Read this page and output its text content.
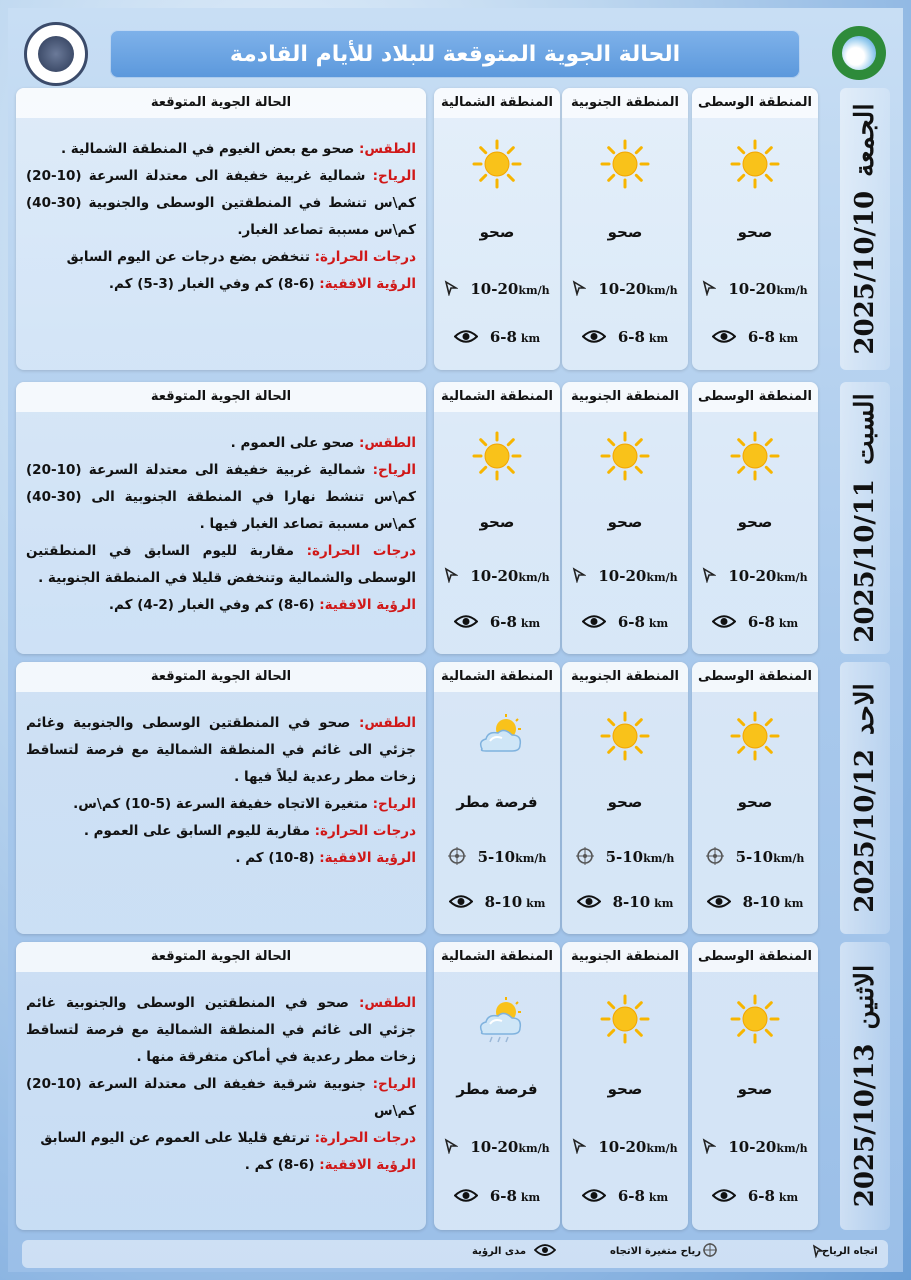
الحالة الجوية المتوقعة للبلاد للأيام القادمة
2025/10/10الجمعة
المنطقة الوسطى
صحو
10-20km/h
6-8 km
المنطقة الجنوبية
صحو
10-20km/h
6-8 km
المنطقة الشمالية
صحو
10-20km/h
6-8 km
الحالة الجوية المتوقعة
الطقس: صحو مع بعض الغيوم في المنطقة الشمالية .
الرياح: شمالية غربية خفيفة الى معتدلة السرعة (10-20) كم\س تنشط في المنطقتين الوسطى والجنوبية (30-40) كم\س مسببة تصاعد الغبار.
درجات الحرارة: تنخفض بضع درجات عن اليوم السابق
الرؤية الافقية: (6-8) كم وفي الغبار (3-5) كم.
2025/10/11السبت
المنطقة الوسطى
صحو
10-20km/h
6-8 km
المنطقة الجنوبية
صحو
10-20km/h
6-8 km
المنطقة الشمالية
صحو
10-20km/h
6-8 km
الحالة الجوية المتوقعة
الطقس: صحو على العموم .
الرياح: شمالية غربية خفيفة الى معتدلة السرعة (10-20) كم\س تنشط نهارا في المنطقة الجنوبية الى (30-40) كم\س مسببة تصاعد الغبار فيها .
درجات الحرارة: مقاربة لليوم السابق في المنطقتين الوسطى والشمالية وتنخفض قليلا في المنطقة الجنوبية .
الرؤية الافقية: (6-8) كم وفي الغبار (2-4) كم.
2025/10/12الاحد
المنطقة الوسطى
صحو
5-10km/h
8-10 km
المنطقة الجنوبية
صحو
5-10km/h
8-10 km
المنطقة الشمالية
فرصة مطر
5-10km/h
8-10 km
الحالة الجوية المتوقعة
الطقس: صحو في المنطقتين الوسطى والجنوبية وغائم جزئي الى غائم في المنطقة الشمالية مع فرصة لتساقط زخات مطر رعدية ليلاً فيها .
الرياح: متغيرة الاتجاه خفيفة السرعة (5-10) كم\س.
درجات الحرارة: مقاربة لليوم السابق على العموم .
الرؤية الافقية: (8-10) كم .
2025/10/13الاثنين
المنطقة الوسطى
صحو
10-20km/h
6-8 km
المنطقة الجنوبية
صحو
10-20km/h
6-8 km
المنطقة الشمالية
فرصة مطر
10-20km/h
6-8 km
الحالة الجوية المتوقعة
الطقس: صحو في المنطقتين الوسطى والجنوبية غائم جزئي الى غائم في المنطقة الشمالية مع فرصة لتساقط زخات مطر رعدية في أماكن متفرقة منها .
الرياح: جنوبية شرقية خفيفة الى معتدلة السرعة (10-20) كم\س
درجات الحرارة: ترتفع قليلا على العموم عن اليوم السابق
الرؤية الافقية: (6-8) كم .
اتجاه الرياح
رياح متغيرة الاتجاه
مدى الرؤية
